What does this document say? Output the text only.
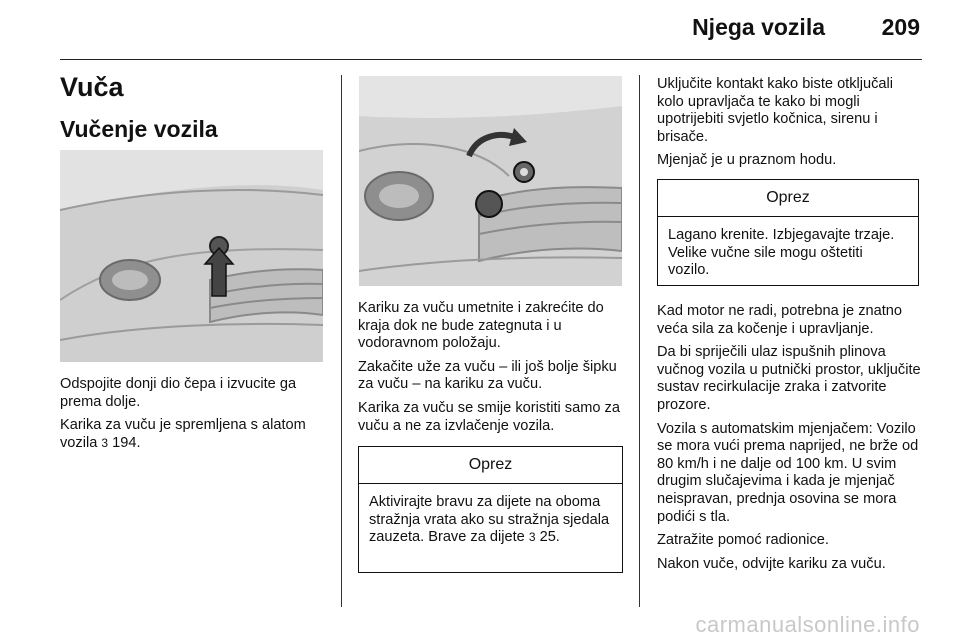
Njega vozila 209
Vuča
Vučenje vozila

Odspojite donji dio čepa i izvucite ga prema dolje.

Karika za vuču je spremljena s alatom vozila 3 194.

Kariku za vuču umetnite i zakrećite do kraja dok ne bude zategnuta i u vodoravnom položaju.

Zakačite uže za vuču – ili još bolje šipku za vuču – na kariku za vuču.

Karika za vuču se smije koristiti samo za vuču a ne za izvlačenje vozila.

Oprez
Aktivirajte bravu za dijete na oboma stražnja vrata ako su stražnja sjedala zauzeta. Brave za dijete 3 25.

Uključite kontakt kako biste otključali kolo upravljača te kako bi mogli upotrijebiti svjetlo kočnica, sirenu i brisače.

Mjenjač je u praznom hodu.

Oprez
Lagano krenite. Izbjegavajte trzaje. Velike vučne sile mogu oštetiti vozilo.

Kad motor ne radi, potrebna je znatno veća sila za kočenje i upravljanje.

Da bi spriječili ulaz ispušnih plinova vučnog vozila u putnički prostor, uključite sustav recirkulacije zraka i zatvorite prozore.

Vozila s automatskim mjenjačem: Vozilo se mora vući prema naprijed, ne brže od 80 km/h i ne dalje od 100 km. U svim drugim slučajevima i kada je mjenjač neispravan, prednja osovina se mora podići s tla.

Zatražite pomoć radionice.

Nakon vuče, odvijte kariku za vuču.

carmanualsonline.info
